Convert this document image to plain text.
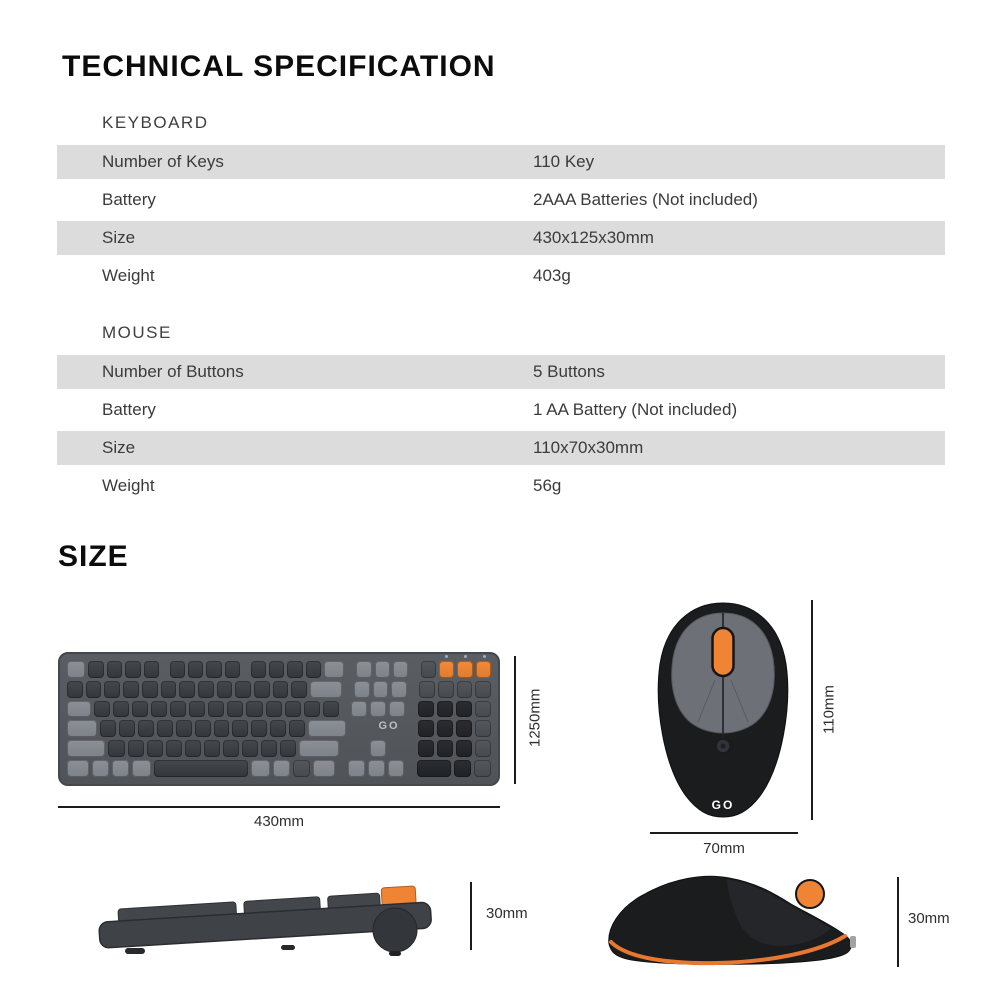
TECHNICAL SPECIFICATION
KEYBOARD
Number of Keys	110 Key
Battery	2AAA Batteries (Not included)
Size	430x125x30mm
Weight	403g
MOUSE
Number of Buttons	5 Buttons
Battery	1 AA Battery (Not included)
Size	110x70x30mm
Weight	56g
SIZE
GO	1250mm
430mm
GO
110mm
70mm
30mm	30mm
